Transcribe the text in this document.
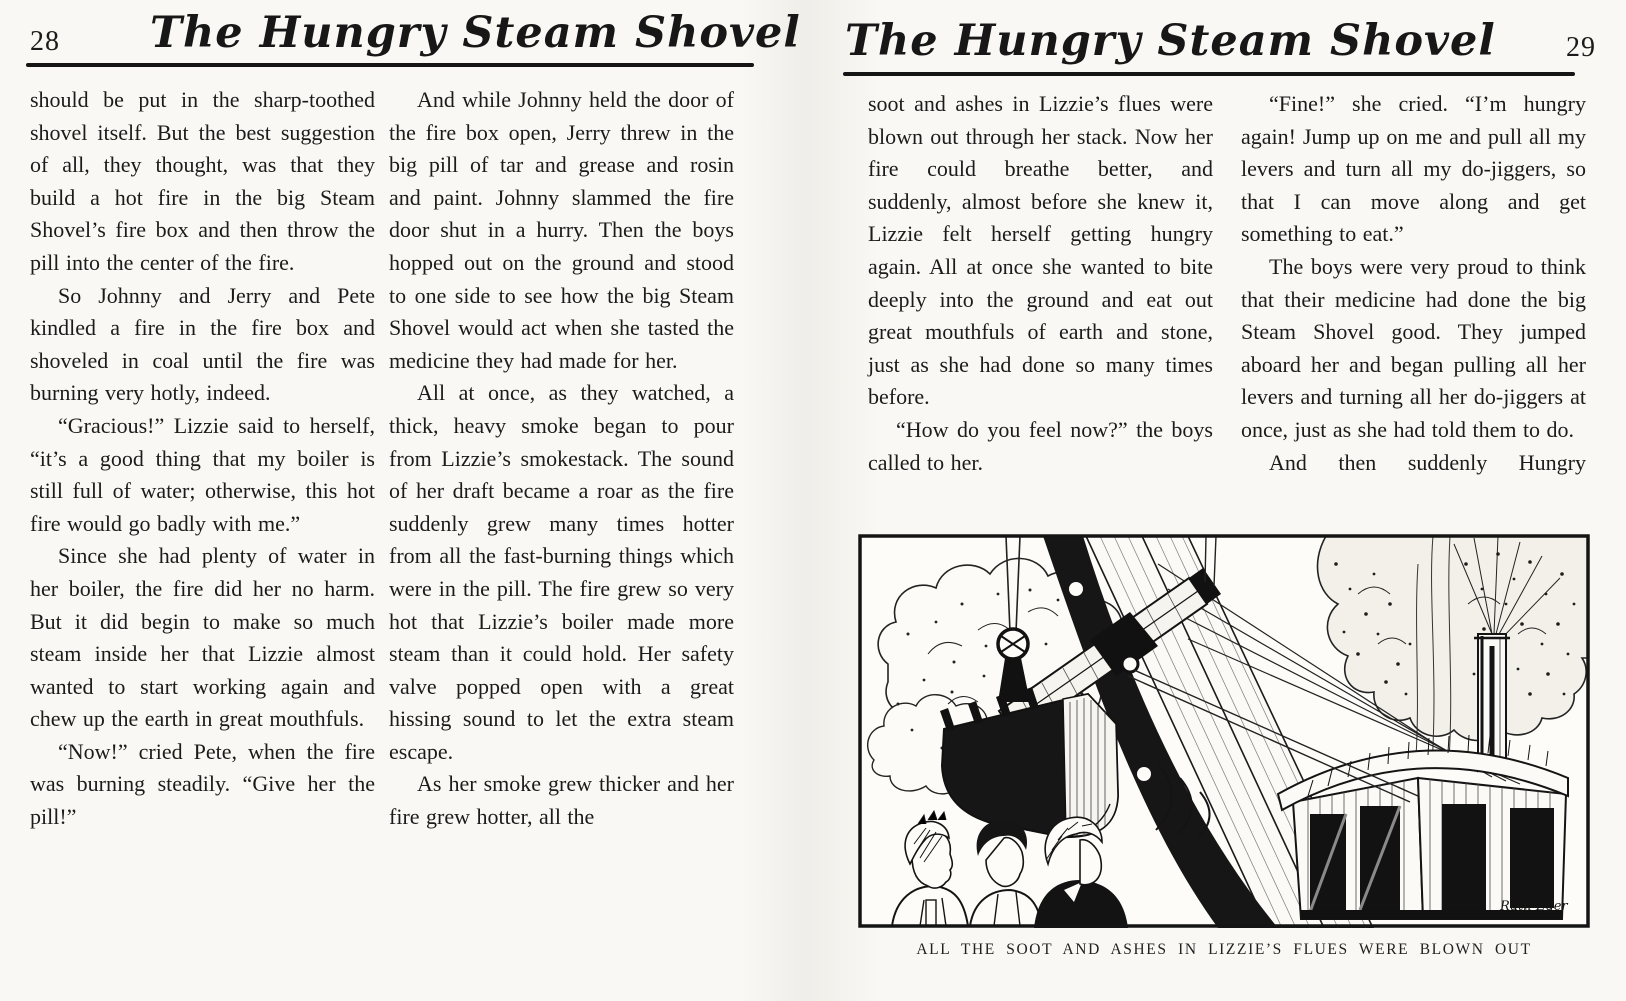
28 The Hungry Steam Shovel

should be put in the sharp-toothed shovel itself. But the best suggestion of all, they thought, was that they build a hot fire in the big Steam Shovel’s fire box and then throw the pill into the center of the fire.

So Johnny and Jerry and Pete kindled a fire in the fire box and shoveled in coal until the fire was burning very hotly, indeed.

“Gracious!” Lizzie said to herself, “it’s a good thing that my boiler is still full of water; otherwise, this hot fire would go badly with me.”

Since she had plenty of water in her boiler, the fire did her no harm. But it did begin to make so much steam inside her that Lizzie almost wanted to start working again and chew up the earth in great mouthfuls.

“Now!” cried Pete, when the fire was burning steadily. “Give her the pill!”

And while Johnny held the door of the fire box open, Jerry threw in the big pill of tar and grease and rosin and paint. Johnny slammed the fire door shut in a hurry. Then the boys hopped out on the ground and stood to one side to see how the big Steam Shovel would act when she tasted the medicine they had made for her.

All at once, as they watched, a thick, heavy smoke began to pour from Lizzie’s smokestack. The sound of her draft became a roar as the fire suddenly grew many times hotter from all the fast-burning things which were in the pill. The fire grew so very hot that Lizzie’s boiler made more steam than it could hold. Her safety valve popped open with a great hissing sound to let the extra steam escape.

As her smoke grew thicker and her fire grew hotter, all the

The Hungry Steam Shovel	29

soot and ashes in Lizzie’s flues were blown out through her stack. Now her fire could breathe better, and suddenly, almost before she knew it, Lizzie felt herself getting hungry again. All at once she wanted to bite deeply into the ground and eat out great mouthfuls of earth and stone, just as she had done so many times before.

“How do you feel now?” the boys called to her.

“Fine!” she cried. “I’m hungry again! Jump up on me and pull all my levers and turn all my do-jiggers, so that I can move along and get something to eat.”

The boys were very proud to think that their medicine had done the big Steam Shovel good. They jumped aboard her and began pulling all her levers and turning all her do-jiggers at once, just as she had told them to do.

And then suddenly Hungry

Ruth Eger
ALL THE SOOT AND ASHES IN LIZZIE’S FLUES WERE BLOWN OUT
